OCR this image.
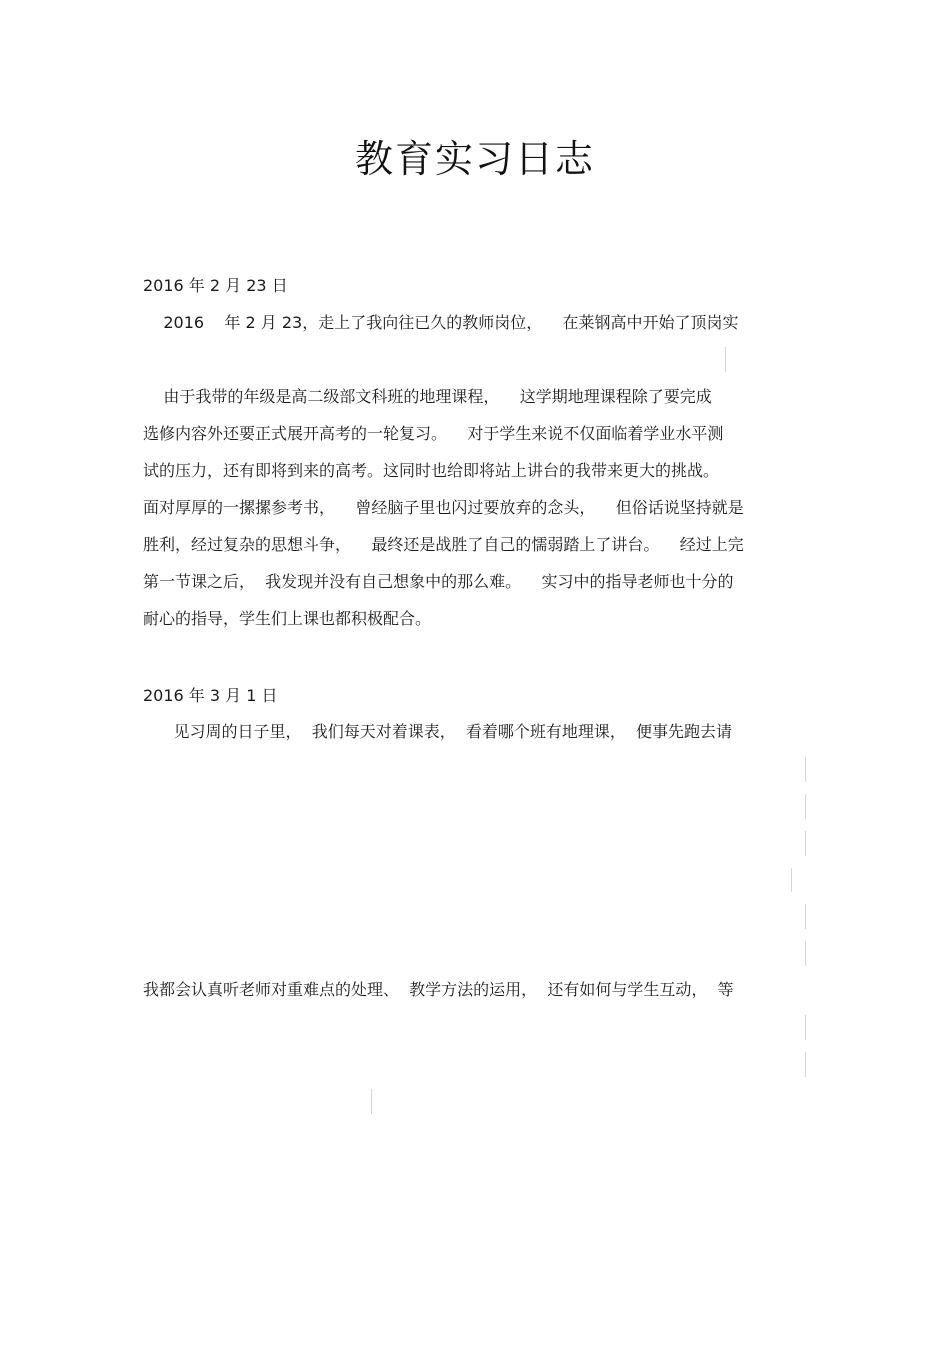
教育实习日志
2016 年 2 月 23 日
2016    年 2 月 23，走上了我向往已久的教师岗位，    在莱钢高中开始了顶岗实

由于我带的年级是高二级部文科班的地理课程，    这学期地理课程除了要完成
选修内容外还要正式展开高考的一轮复习。    对于学生来说不仅面临着学业水平测
试的压力，还有即将到来的高考。这同时也给即将站上讲台的我带来更大的挑战。
面对厚厚的一摞摞参考书，    曾经脑子里也闪过要放弃的念头，    但俗话说坚持就是
胜利，经过复杂的思想斗争，    最终还是战胜了自己的懦弱踏上了讲台。    经过上完
第一节课之后，  我发现并没有自己想象中的那么难。    实习中的指导老师也十分的
耐心的指导，学生们上课也都积极配合。
2016 年 3 月 1 日
见习周的日子里，  我们每天对着课表，  看着哪个班有地理课，  便事先跑去请

我都会认真听老师对重难点的处理、  教学方法的运用，  还有如何与学生互动，  等
